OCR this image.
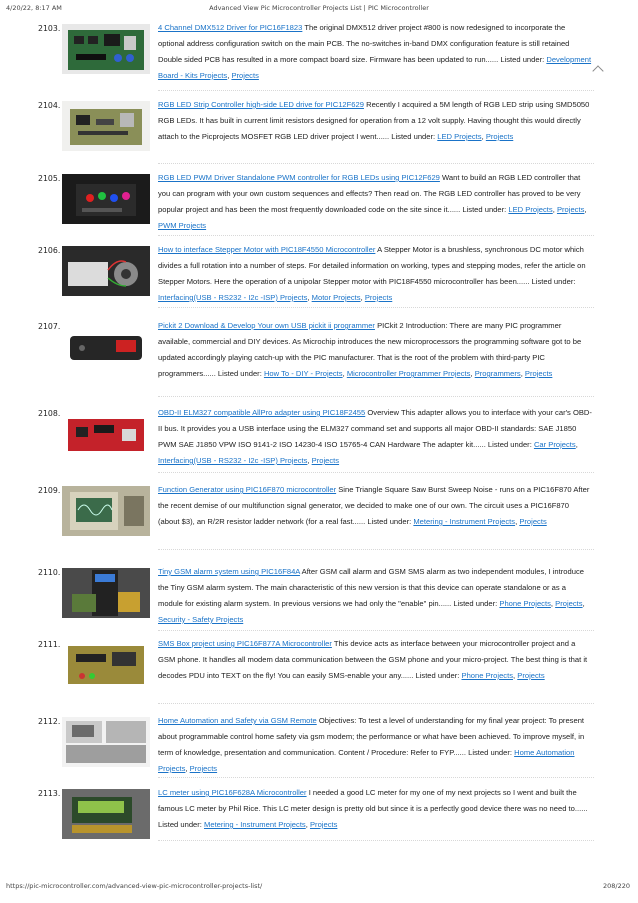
4/20/22, 8:17 AM	Advanced View Pic Microcontroller Projects List | PIC Microcontroller
2103.	4 Channel DMX512 Driver for PIC16F1823 The original DMX512 driver project #800 is now redesigned to incorporate the optional address configuration switch on the main PCB. The no-switches in-band DMX configuration feature is still retained Double sided PCB has resulted in a more compact board size. Firmware has been updated to run...... Listed under: Development Board - Kits Projects, Projects
2104.	RGB LED Strip Controller high-side LED drive for PIC12F629 Recently I acquired a 5M length of RGB LED strip using SMD5050 RGB LEDs. It has built in current limit resistors designed for operation from a 12 volt supply. Having thought this would directly attach to the Picprojects MOSFET RGB LED driver project I went...... Listed under: LED Projects, Projects
2105.	RGB LED PWM Driver Standalone PWM controller for RGB LEDs using PIC12F629 Want to build an RGB LED controller that you can program with your own custom sequences and effects? Then read on. The RGB LED controller has proved to be very popular project and has been the most frequently downloaded code on the site since it...... Listed under: LED Projects, Projects, PWM Projects
2106.	How to interface Stepper Motor with PIC18F4550 Microcontroller A Stepper Motor is a brushless, synchronous DC motor which divides a full rotation into a number of steps. For detailed information on working, types and stepping modes, refer the article on Stepper Motors. Here the operation of a unipolar Stepper motor with PIC18F4550 microcontroller has been...... Listed under: Interfacing(USB - RS232 - I2c -ISP) Projects, Motor Projects, Projects
2107.	Pickit 2 Download & Develop Your own USB pickit ii programmer PICkit 2 Introduction: There are many PIC programmer available, commercial and DIY devices. As Microchip introduces the new microprocessors the programming software got to be updated accordingly playing catch-up with the PIC manufacturer. That is the root of the problem with third-party PIC programmers...... Listed under: How To - DIY - Projects, Microcontroller Programmer Projects, Programmers, Projects
2108.	OBD-II ELM327 compatible AllPro adapter using PIC18F2455 Overview This adapter allows you to interface with your car's OBD-II bus. It provides you a USB interface using the ELM327 command set and supports all major OBD-II standards: SAE J1850 PWM SAE J1850 VPW ISO 9141-2 ISO 14230-4 ISO 15765-4 CAN Hardware The adapter kit...... Listed under: Car Projects, Interfacing(USB - RS232 - I2c -ISP) Projects, Projects
2109.	Function Generator using PIC16F870 microcontroller Sine Triangle Square Saw Burst Sweep Noise - runs on a PIC16F870 After the recent demise of our multifunction signal generator, we decided to make one of our own. The circuit uses a PIC16F870 (about $3), an R/2R resistor ladder network (for a real fast...... Listed under: Metering - Instrument Projects, Projects
2110.	Tiny GSM alarm system using PIC16F84A After GSM call alarm and GSM SMS alarm as two independent modules, I introduce the Tiny GSM alarm system. The main characteristic of this new version is that this device can operate standalone or as a module for existing alarm system. In previous versions we had only the "enable" pin...... Listed under: Phone Projects, Projects, Security - Safety Projects
2111.	SMS Box project using PIC16F877A Microcontroller This device acts as interface between your microcontroller project and a GSM phone. It handles all modem data communication between the GSM phone and your micro-project. The best thing is that it decodes PDU into TEXT on the fly! You can easily SMS-enable your any...... Listed under: Phone Projects, Projects
2112.	Home Automation and Safety via GSM Remote Objectives: To test a level of understanding for my final year project: To present about programmable control home safety via gsm modem; the performance or what have been achieved. To improve myself, in term of knowledge, presentation and communication. Content / Procedure: Refer to FYP...... Listed under: Home Automation Projects, Projects
2113.	LC meter using PIC16F628A Microcontroller I needed a good LC meter for my one of my next projects so I went and built the famous LC meter by Phil Rice. This LC meter design is pretty old but since it is a perfectly good device there was no need to...... Listed under: Metering - Instrument Projects, Projects
https://pic-microcontroller.com/advanced-view-pic-microcontroller-projects-list/	208/220
